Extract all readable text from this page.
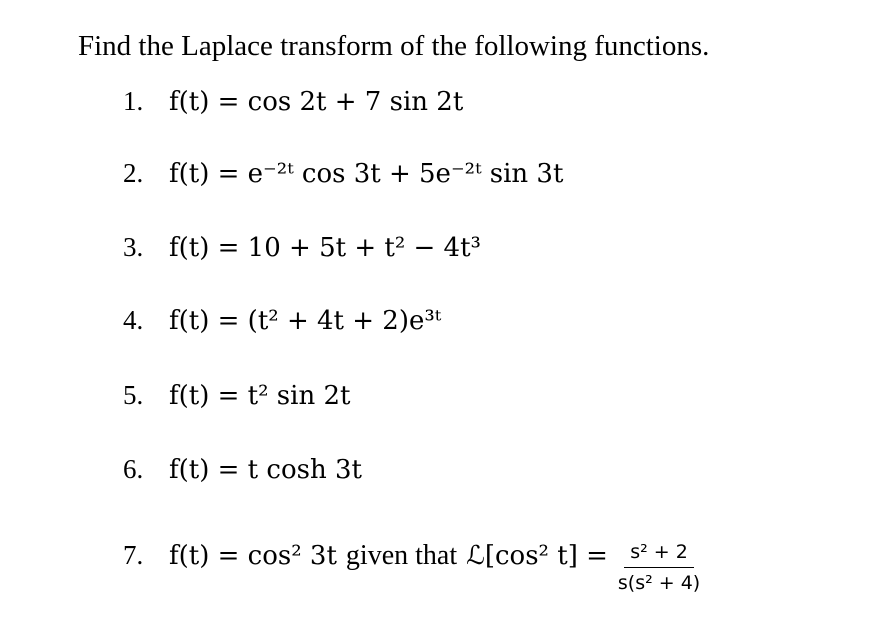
Find the Laplace transform of the following functions.
1. f(t) = cos 2t + 7 sin 2t
2. f(t) = e⁻²ᵗ cos 3t + 5e⁻²ᵗ sin 3t
3. f(t) = 10 + 5t + t² − 4t³
4. f(t) = (t² + 4t + 2)e³ᵗ
5. f(t) = t² sin 2t
6. f(t) = t cosh 3t
7. f(t) = cos² 3t given that ℒ[cos² $t] = \frac{\text{s² + 2}}{\text{s(s² + 4)}}$
